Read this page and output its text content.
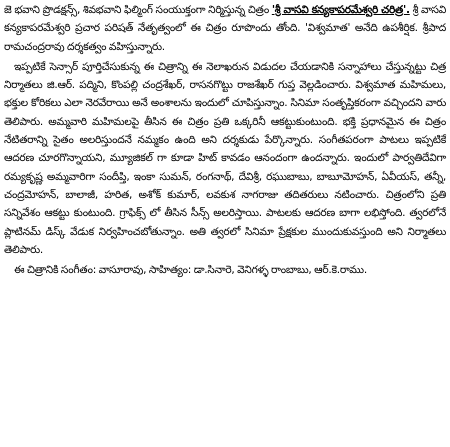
జె భవాని ప్రొడక్షన్స్, శివభవాని ఫిల్మింగ్ సంయుక్తంగా నిర్మిస్తున్న చిత్రం 'శ్రీ వాసవి కన్యకాపరమేశ్వరి చరిత్ర'. శ్రీ వాసవి కన్యకాపరమేశ్వరి ప్రచార పరిషత్ నేతృత్వంలో ఈ చిత్రం రూపొందు తోంది. 'విశ్వమాత' అనేది ఉపశీర్షిక. శ్రీపాద రామచంద్రరావు దర్శకత్వం వహిస్తున్నారు.

ఇప్పటికే సెన్సార్ పూర్తిచేసుకున్న ఈ చిత్రాన్ని ఈ నెలాఖరున విడుదల చేయడానికి సన్నాహాలు చేస్తున్నట్టు చిత్ర నిర్మాతలు జి.ఆర్. పద్మిని, కొంపల్లి చంద్రశేఖర్, రాసనగొట్టు రాజశేఖర్ గుప్త వెల్లడించారు. విశ్వమాత మహిమలు, భక్తుల కోరికలు ఎలా నెరవేరాయి అనే అంశాలను ఇందులో చూపిస్తున్నాం. సినిమా సంతృప్తికరంగా వచ్చిందని వారు తెలిపారు. అమ్మవారి మహిమలపై తీసిన ఈ చిత్రం ప్రతి ఒక్కరినీ ఆకట్టుకుంటుంది. భక్తి ప్రధానమైన ఈ చిత్రం నేటితరాన్ని సైతం అలరిస్తుందనే నమ్మకం ఉంది అని దర్శకుడు పేర్కొన్నారు. సంగీతపరంగా పాటలు ఇప్పటికే ఆదరణ చూరగొన్నాయని, మ్యూజికల్ గా కూడా హిట్ కావడం ఆనందంగా ఉందన్నారు. ఇందులో పార్వతిదేవిగా రమ్యకృష్ణ అమ్మవారిగా సందీప్తి, ఇంకా సుమన్, రంగనాథ్, దేవిశ్రీ, రఘుబాబు, బాబూమోహన్, ఏవీయస్, తన్నీ, చంద్రమోహన్, బాలాజీ, హరిత, అశోక్ కుమార్, లవకుశ నాగరాజు తదితరులు నటించారు. చిత్రంలోని ప్రతి సన్నివేశం ఆకట్టు కుంటుంది. గ్రాఫిక్స్ లో తీసిన సీన్స్ అలరిస్తాయి. పాటలకు ఆదరణ బాగా లభిస్తోంది. త్వరలోనే ప్లాటినమ్ డిస్క్ వేడుక నిర్వహించబోతున్నాం. అతి త్వరలో సినిమా ప్రేక్షకుల ముందుకువస్తుంది అని నిర్మాతలు తెలిపారు.

ఈ చిత్రానికి సంగీతం: వాసూరావు, సాహిత్యం: డా.సినారె, వెనిగళ్ళ రాంబాబు, ఆర్.కె.రాము.
